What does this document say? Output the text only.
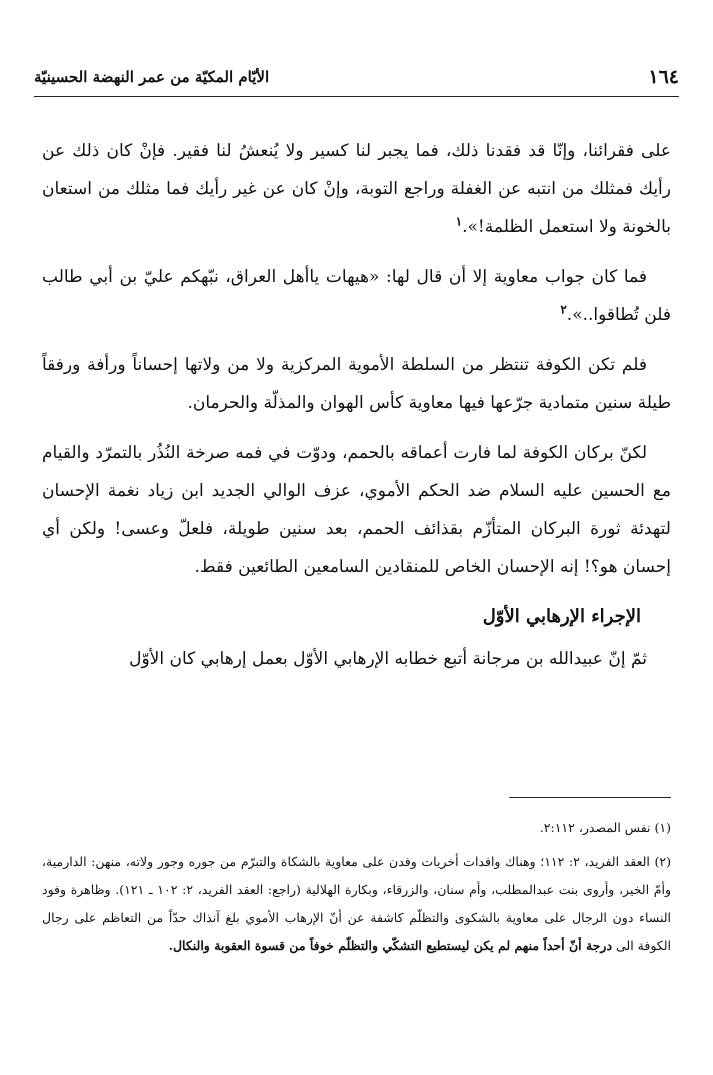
١٦٤
الأيّام المكيّة من عمر النهضة الحسينيّة

على فقرائنا، وإنّا قد فقدنا ذلك، فما يجبر لنا كسير ولا يُنعشُ لنا فقير. فإنْ كان ذلك عن رأيك فمثلك من انتبه عن الغفلة وراجع التوبة، وإنْ كان عن غير رأيك فما مثلك من استعان بالخونة ولا استعمل الظلمة!».$^١$

فما كان جواب معاوية إلا أن قال لها: «هيهات ياأهل العراق، نبّهكم عليّ بن أبي طالب فلن تُطاقوا..».$^٢$

فلم تكن الكوفة تنتظر من السلطة الأموية المركزية ولا من ولاتها إحساناً ورأفة ورفقاً طيلة سنين متمادية جرّعها فيها معاوية كأس الهوان والمذلّة والحرمان.

لكنّ بركان الكوفة لما فارت أعماقه بالحمم، ودوّت في فمه صرخة النُذُر بالتمرّد والقيام مع الحسين عليه السلام ضد الحكم الأموي، عزف الوالي الجديد ابن زياد نغمة الإحسان لتهدئة ثورة البركان المتأزّم بقذائف الحمم، بعد سنين طويلة، فلعلّ وعسى! ولكن أي إحسان هو؟! إنه الإحسان الخاص للمنقادين السامعين الطائعين فقط.

الإجراء الإرهابي الأوّل

ثمّ إنّ عبيدالله بن مرجانة أتبع خطابه الإرهابي الأوّل بعمل إرهابي كان الأوّل

(١) نفس المصدر، ٢:١١٢.

(٢) العقد الفريد، ٢: ١١٢؛ وهناك وافدات أخريات وفدن على معاوية بالشكاة والتبرّم من جوره وجور ولاته، منهن: الدارمية، وأمّ الخير، وأروى بنت عبدالمطلب، وأم سنان، والزرقاء، وبكارة الهلالية (راجع: العقد الفريد، ٢: ١٠٢ ـ ١٢١). وظاهرة وفود النساء دون الرجال على معاوية بالشكوى والتظلّم كاشفة عن أنّ الإرهاب الأموي بلغ آنذاك حدّاً من التعاظم على رجال الكوفة الى درجة أنّ أحداً منهم لم يكن ليستطيع التشكّي والتظلّم خوفاً من قسوة العقوبة والنكال.
